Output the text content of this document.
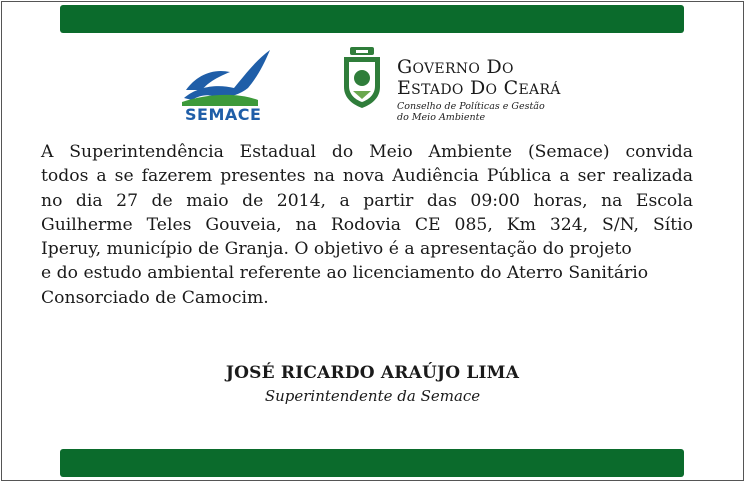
SEMACE
GOVERNO DO
ESTADO DO CEARÁ
Conselho de Políticas e Gestão
do Meio Ambiente
A Superintendência Estadual do Meio Ambiente (Semace) convida
todos a se fazerem presentes na nova Audiência Pública a ser realizada
no dia 27 de maio de 2014, a partir das 09:00 horas, na Escola
Guilherme Teles Gouveia, na Rodovia CE 085, Km 324, S/N, Sítio
Iperuy, município de Granja. O objetivo é a apresentação do projeto
e do estudo ambiental referente ao licenciamento do Aterro Sanitário
Consorciado de Camocim.
JOSÉ RICARDO ARAÚJO LIMA
Superintendente da Semace
